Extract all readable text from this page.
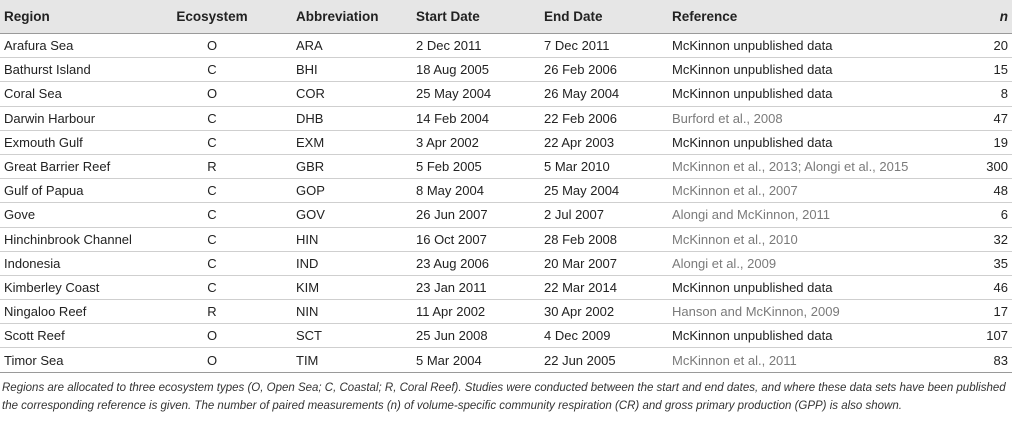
Region	Ecosystem	Abbreviation	Start Date	End Date	Reference	n
Arafura Sea	O	ARA	2 Dec 2011	7 Dec 2011	McKinnon unpublished data	20
Bathurst Island	C	BHI	18 Aug 2005	26 Feb 2006	McKinnon unpublished data	15
Coral Sea	O	COR	25 May 2004	26 May 2004	McKinnon unpublished data	8
Darwin Harbour	C	DHB	14 Feb 2004	22 Feb 2006	Burford et al., 2008	47
Exmouth Gulf	C	EXM	3 Apr 2002	22 Apr 2003	McKinnon unpublished data	19
Great Barrier Reef	R	GBR	5 Feb 2005	5 Mar 2010	McKinnon et al., 2013; Alongi et al., 2015	300
Gulf of Papua	C	GOP	8 May 2004	25 May 2004	McKinnon et al., 2007	48
Gove	C	GOV	26 Jun 2007	2 Jul 2007	Alongi and McKinnon, 2011	6
Hinchinbrook Channel	C	HIN	16 Oct 2007	28 Feb 2008	McKinnon et al., 2010	32
Indonesia	C	IND	23 Aug 2006	20 Mar 2007	Alongi et al., 2009	35
Kimberley Coast	C	KIM	23 Jan 2011	22 Mar 2014	McKinnon unpublished data	46
Ningaloo Reef	R	NIN	11 Apr 2002	30 Apr 2002	Hanson and McKinnon, 2009	17
Scott Reef	O	SCT	25 Jun 2008	4 Dec 2009	McKinnon unpublished data	107
Timor Sea	O	TIM	5 Mar 2004	22 Jun 2005	McKinnon et al., 2011	83
Regions are allocated to three ecosystem types (O, Open Sea; C, Coastal; R, Coral Reef). Studies were conducted between the start and end dates, and where these data sets have been published the corresponding reference is given. The number of paired measurements (n) of volume-specific community respiration (CR) and gross primary production (GPP) is also shown.
